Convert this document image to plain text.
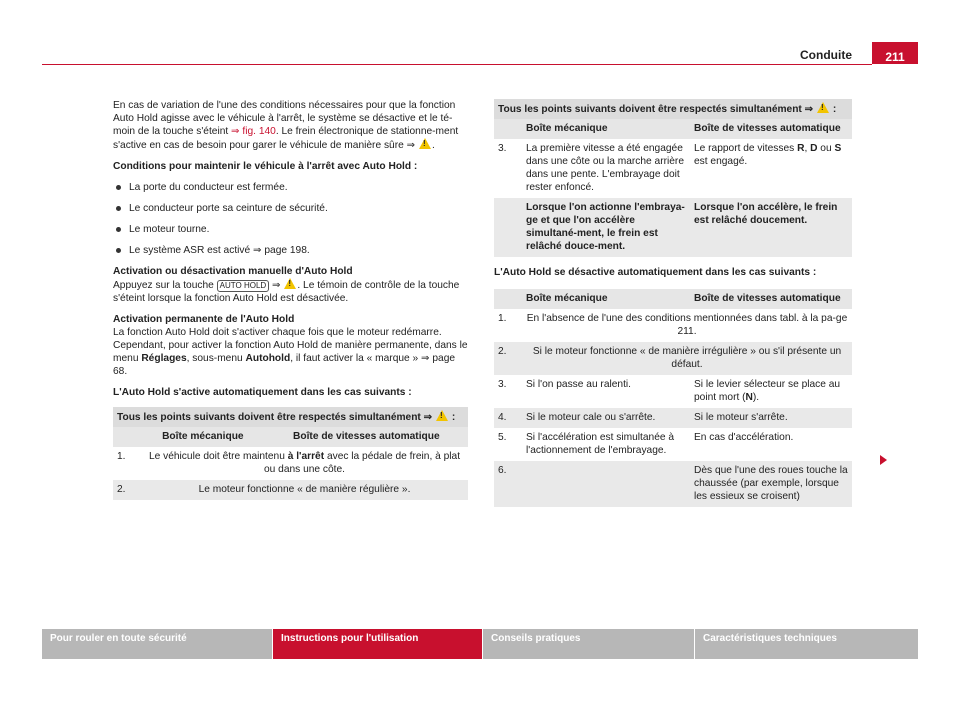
Conduite	211

En cas de variation de l'une des conditions nécessaires pour que la fonction Auto Hold agisse avec le véhicule à l'arrêt, le système se désactive et le té-moin de la touche s'éteint ⇒ fig. 140. Le frein électronique de stationne-ment s'active en cas de besoin pour garer le véhicule de manière sûre ⇒ !.

Conditions pour maintenir le véhicule à l'arrêt avec Auto Hold :

La porte du conducteur est fermée.
Le conducteur porte sa ceinture de sécurité.
Le moteur tourne.
Le système ASR est activé ⇒ page 198.

Activation ou désactivation manuelle d'Auto Hold

Appuyez sur la touche AUTO HOLD ⇒ !. Le témoin de contrôle de la touche s'éteint lorsque la fonction Auto Hold est désactivée.

Activation permanente de l'Auto Hold

La fonction Auto Hold doit s'activer chaque fois que le moteur redémarre. Cependant, pour activer la fonction Auto Hold de manière permanente, dans le menu Réglages, sous-menu Autohold, il faut activer la « marque » ⇒ page 68.

L'Auto Hold s'active automatiquement dans les cas suivants :

Tous les points suivants doivent être respectés simultanément ⇒ ! :
	Boîte mécanique	Boîte de vitesses automatique
1.	Le véhicule doit être maintenu à l'arrêt avec la pédale de frein, à plat ou dans une côte.	
2.	Le moteur fonctionne « de manière régulière ».	
Tous les points suivants doivent être respectés simultanément ⇒ ! :
	Boîte mécanique	Boîte de vitesses automatique
3.	La première vitesse a été engagée dans une côte ou la marche arrière dans une pente. L'embrayage doit rester enfoncé.	Le rapport de vitesses R, D ou S est engagé.
	Lorsque l'on actionne l'embraya-ge et que l'on accélère simultané-ment, le frein est relâché douce-ment.	Lorsque l'on accélère, le frein est relâché doucement.

L'Auto Hold se désactive automatiquement dans les cas suivants :

	Boîte mécanique	Boîte de vitesses automatique
1.	En l'absence de l'une des conditions mentionnées dans tabl. à la pa-ge 211.	
2.	Si le moteur fonctionne « de manière irrégulière » ou s'il présente un défaut.	
3.	Si l'on passe au ralenti.	Si le levier sélecteur se place au point mort (N).
4.	Si le moteur cale ou s'arrête.	Si le moteur s'arrête.
5.	Si l'accélération est simultanée à l'actionnement de l'embrayage.	En cas d'accélération.
6.		Dès que l'une des roues touche la chaussée (par exemple, lorsque les essieux se croisent)
Pour rouler en toute sécurité	Instructions pour l'utilisation	Conseils pratiques	Caractéristiques techniques
